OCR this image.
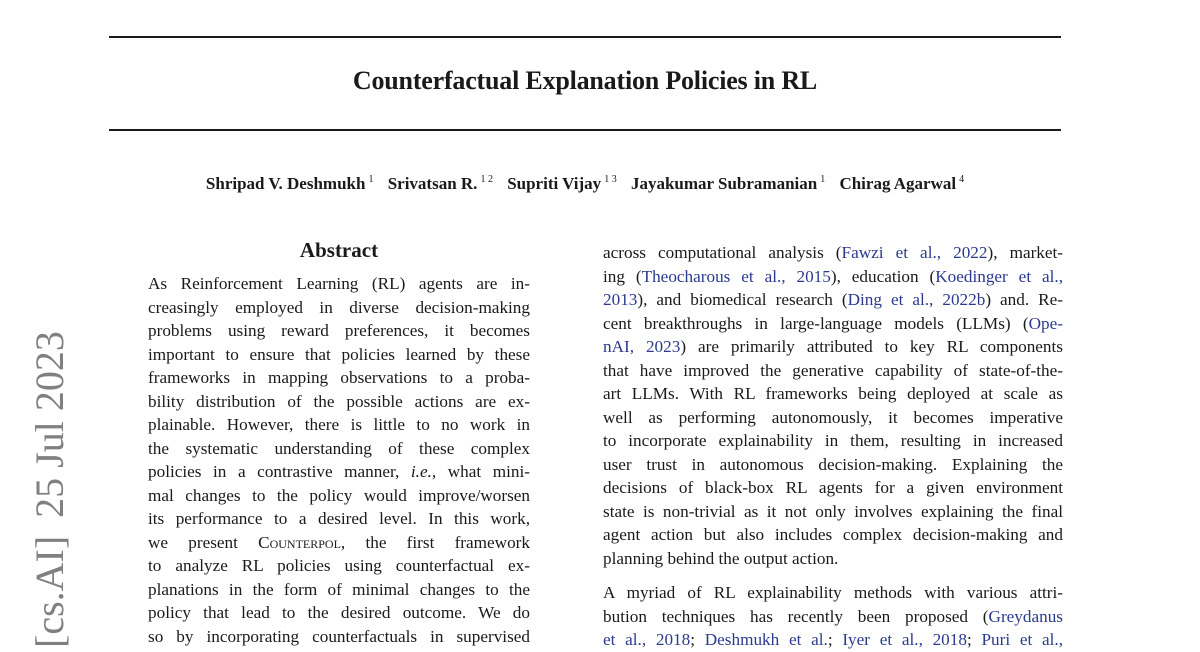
Counterfactual Explanation Policies in RL
Shripad V. Deshmukh $^1$ Srivatsan R. $^{1 2}$ Supriti Vijay $^{1 3}$ Jayakumar Subramanian $^1$ Chirag Agarwal $^4$
[cs.AI]25 Jul 2023
Abstract
As Reinforcement Learning (RL) agents are in-
creasingly employed in diverse decision-making
problems using reward preferences, it becomes
important to ensure that policies learned by these
frameworks in mapping observations to a proba-
bility distribution of the possible actions are ex-
plainable. However, there is little to no work in
the systematic understanding of these complex
policies in a contrastive manner, i.e., what mini-
mal changes to the policy would improve/worsen
its performance to a desired level. In this work,
we present Counterpol, the first framework
to analyze RL policies using counterfactual ex-
planations in the form of minimal changes to the
policy that lead to the desired outcome. We do
so by incorporating counterfactuals in supervised
across computational analysis (Fawzi et al., 2022), market-
ing (Theocharous et al., 2015), education (Koedinger et al.,
2013), and biomedical research (Ding et al., 2022b) and. Re-
cent breakthroughs in large-language models (LLMs) (Ope-
nAI, 2023) are primarily attributed to key RL components
that have improved the generative capability of state-of-the-
art LLMs. With RL frameworks being deployed at scale as
well as performing autonomously, it becomes imperative
to incorporate explainability in them, resulting in increased
user trust in autonomous decision-making. Explaining the
decisions of black-box RL agents for a given environment
state is non-trivial as it not only involves explaining the final
agent action but also includes complex decision-making and
planning behind the output action.
A myriad of RL explainability methods with various attri-
bution techniques has recently been proposed (Greydanus
et al., 2018; Deshmukh et al.; Iyer et al., 2018; Puri et al.,
